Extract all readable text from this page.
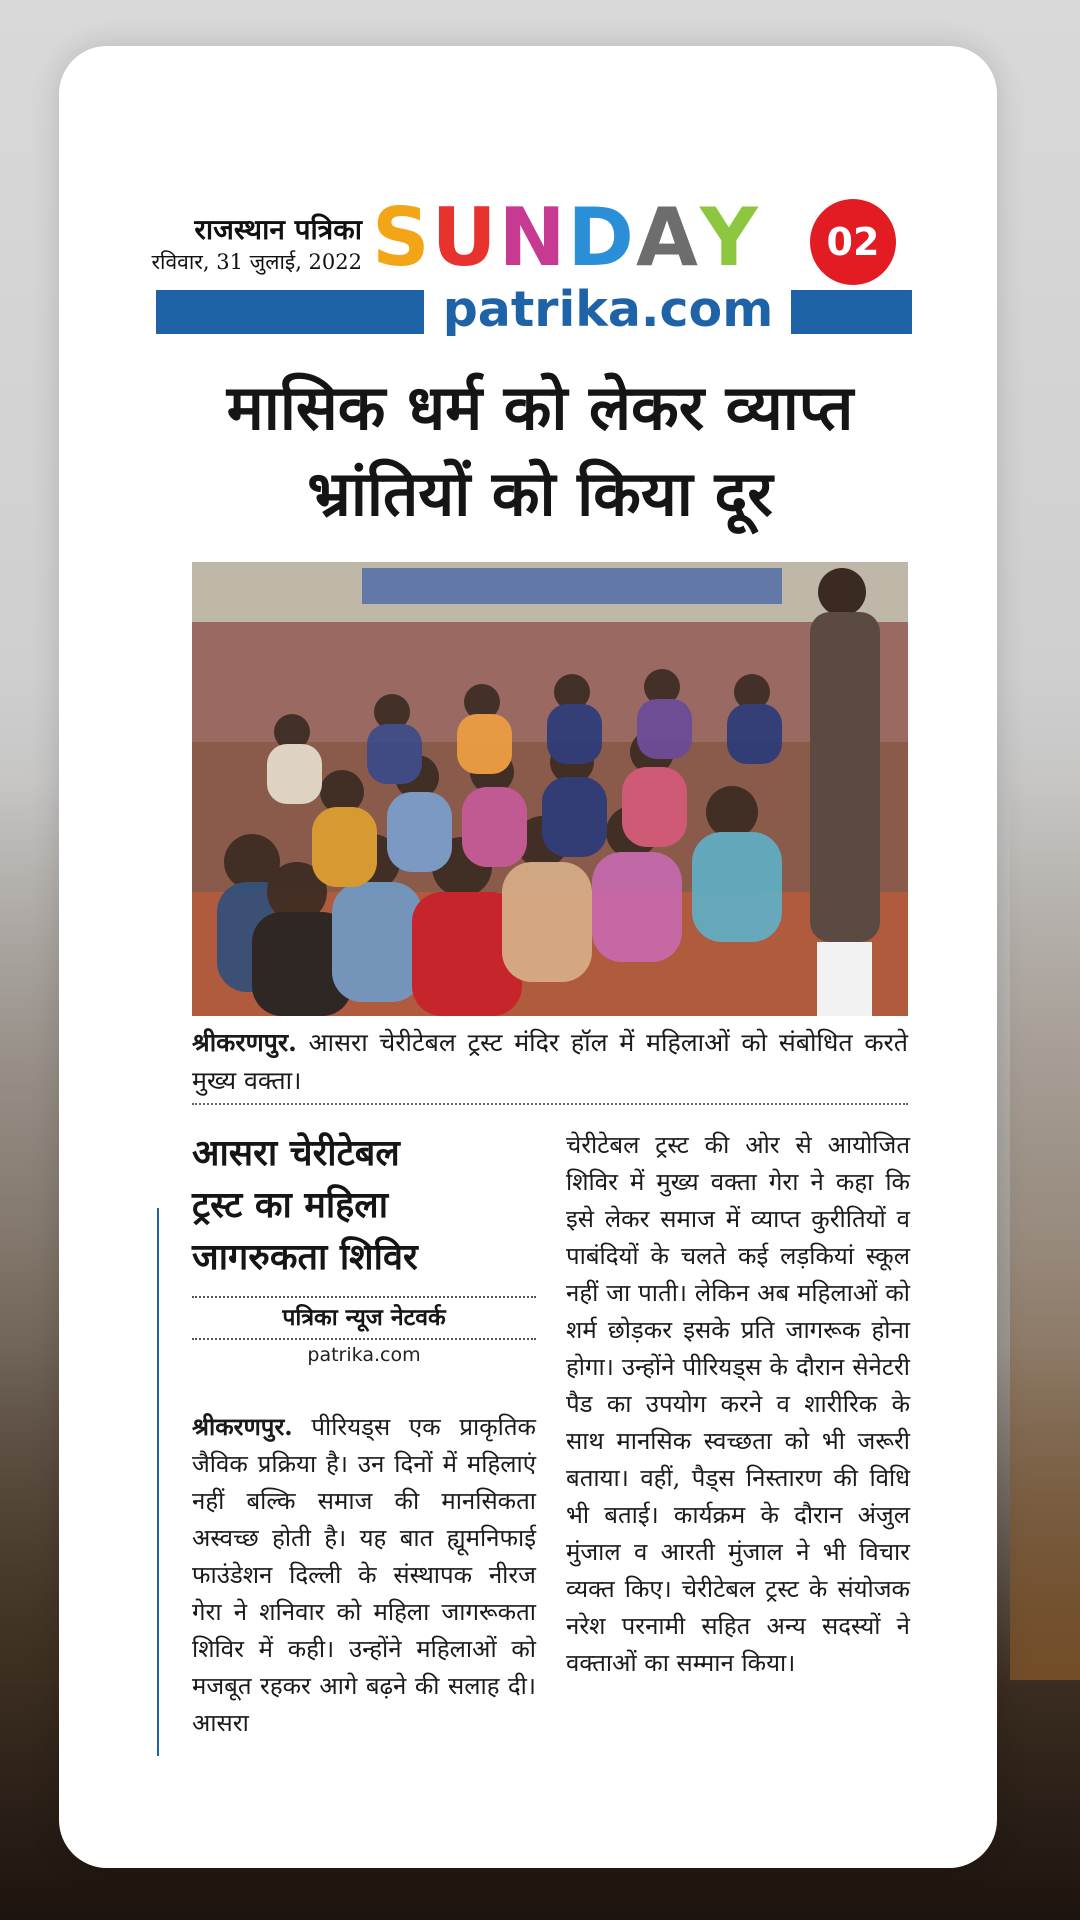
राजस्थान पत्रिका
रविवार, 31 जुलाई, 2022 SUNDAY	02
patrika.com
मासिक धर्म को लेकर व्याप्त
भ्रांतियों को किया दूर
श्रीकरणपुर. आसरा चेरीटेबल ट्रस्ट मंदिर हॉल में महिलाओं को संबोधित करते मुख्य वक्ता।
आसरा चेरीटेबल
ट्रस्ट का महिला
जागरुकता शिविर
पत्रिका न्यूज नेटवर्क
patrika.com
श्रीकरणपुर. पीरियड्स एक प्राकृतिक जैविक प्रक्रिया है। उन दिनों में महिलाएं नहीं बल्कि समाज की मानसिकता अस्वच्छ होती है। यह बात ह्यूमनिफाई फाउंडेशन दिल्ली के संस्थापक नीरज गेरा ने शनिवार को महिला जागरूकता शिविर में कही। उन्होंने महिलाओं को मजबूत रहकर आगे बढ़ने की सलाह दी। आसरा
चेरीटेबल ट्रस्ट की ओर से आयोजित शिविर में मुख्य वक्ता गेरा ने कहा कि इसे लेकर समाज में व्याप्त कुरीतियों व पाबंदियों के चलते कई लड़कियां स्कूल नहीं जा पाती। लेकिन अब महिलाओं को शर्म छोड़कर इसके प्रति जागरूक होना होगा। उन्होंने पीरियड्स के दौरान सेनेटरी पैड का उपयोग करने व शारीरिक के साथ मानसिक स्वच्छता को भी जरूरी बताया। वहीं, पैड्स निस्तारण की विधि भी बताई। कार्यक्रम के दौरान अंजुल मुंजाल व आरती मुंजाल ने भी विचार व्यक्त किए। चेरीटेबल ट्रस्ट के संयोजक नरेश परनामी सहित अन्य सदस्यों ने वक्ताओं का सम्मान किया।
